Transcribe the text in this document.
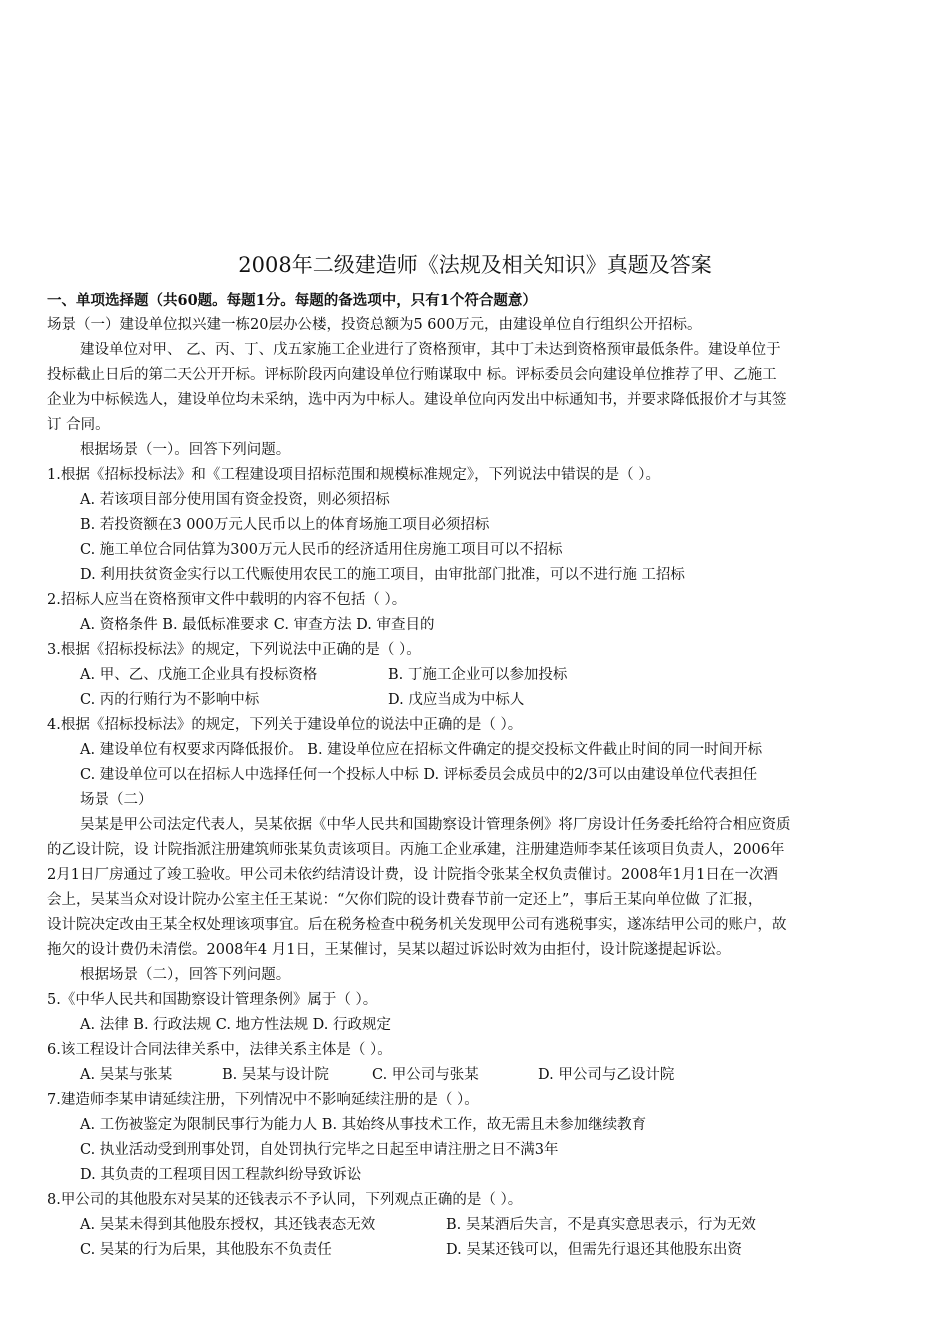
2008年二级建造师《法规及相关知识》真题及答案
一、单项选择题（共60题。每题1分。每题的备选项中，只有1个符合题意）
场景（一）建设单位拟兴建一栋20层办公楼，投资总额为5 600万元，由建设单位自行组织公开招标。
建设单位对甲、 乙、丙、丁、戊五家施工企业进行了资格预审，其中丁未达到资格预审最低条件。建设单位于
投标截止日后的第二天公开开标。评标阶段丙向建设单位行贿谋取中 标。评标委员会向建设单位推荐了甲、乙施工
企业为中标候选人，建设单位均未采纳，选中丙为中标人。建设单位向丙发出中标通知书，并要求降低报价才与其签
订 合同。
根据场景（一）。回答下列问题。
1.根据《招标投标法》和《工程建设项目招标范围和规模标准规定》，下列说法中错误的是（ ）。
A. 若该项目部分使用国有资金投资，则必须招标
B. 若投资额在3 000万元人民币以上的体育场施工项目必须招标
C. 施工单位合同估算为300万元人民币的经济适用住房施工项目可以不招标
D. 利用扶贫资金实行以工代赈使用农民工的施工项目，由审批部门批准，可以不进行施 工招标
2.招标人应当在资格预审文件中载明的内容不包括（ ）。
A. 资格条件 B. 最低标准要求 C. 审查方法 D. 审查目的
3.根据《招标投标法》的规定，下列说法中正确的是（ ）。
A. 甲、乙、戊施工企业具有投标资格	B. 丁施工企业可以参加投标
C. 丙的行贿行为不影响中标	D. 戊应当成为中标人
4.根据《招标投标法》的规定，下列关于建设单位的说法中正确的是（ ）。
A. 建设单位有权要求丙降低报价。 B. 建设单位应在招标文件确定的提交投标文件截止时间的同一时间开标
C. 建设单位可以在招标人中选择任何一个投标人中标 D. 评标委员会成员中的2/3可以由建设单位代表担任
场景（二）
吴某是甲公司法定代表人，吴某依据《中华人民共和国勘察设计管理条例》将厂房设计任务委托给符合相应资质
的乙设计院，设 计院指派注册建筑师张某负责该项目。丙施工企业承建，注册建造师李某任该项目负责人，2006年
2月1日厂房通过了竣工验收。甲公司未依约结清设计费，设 计院指令张某全权负责催讨。2008年1月1日在一次酒
会上，吴某当众对设计院办公室主任王某说：“欠你们院的设计费春节前一定还上”，事后王某向单位做 了汇报，
设计院决定改由王某全权处理该项事宜。后在税务检查中税务机关发现甲公司有逃税事实，遂冻结甲公司的账户，故
拖欠的设计费仍未清偿。2008年4 月1日，王某催讨，吴某以超过诉讼时效为由拒付，设计院遂提起诉讼。
根据场景（二），回答下列问题。
5.《中华人民共和国勘察设计管理条例》属于（ ）。
A. 法律 B. 行政法规 C. 地方性法规 D. 行政规定
6.该工程设计合同法律关系中，法律关系主体是（ ）。
A. 吴某与张某	B. 吴某与设计院	C. 甲公司与张某	D. 甲公司与乙设计院
7.建造师李某申请延续注册，下列情况中不影响延续注册的是（ ）。
A. 工伤被鉴定为限制民事行为能力人 B. 其始终从事技术工作，故无需且未参加继续教育
C. 执业活动受到刑事处罚，自处罚执行完毕之日起至申请注册之日不满3年
D. 其负责的工程项目因工程款纠纷导致诉讼
8.甲公司的其他股东对吴某的还钱表示不予认同，下列观点正确的是（ ）。
A. 吴某未得到其他股东授权，其还钱表态无效	B. 吴某酒后失言，不是真实意思表示，行为无效
C. 吴某的行为后果，其他股东不负责任	D. 吴某还钱可以，但需先行退还其他股东出资
